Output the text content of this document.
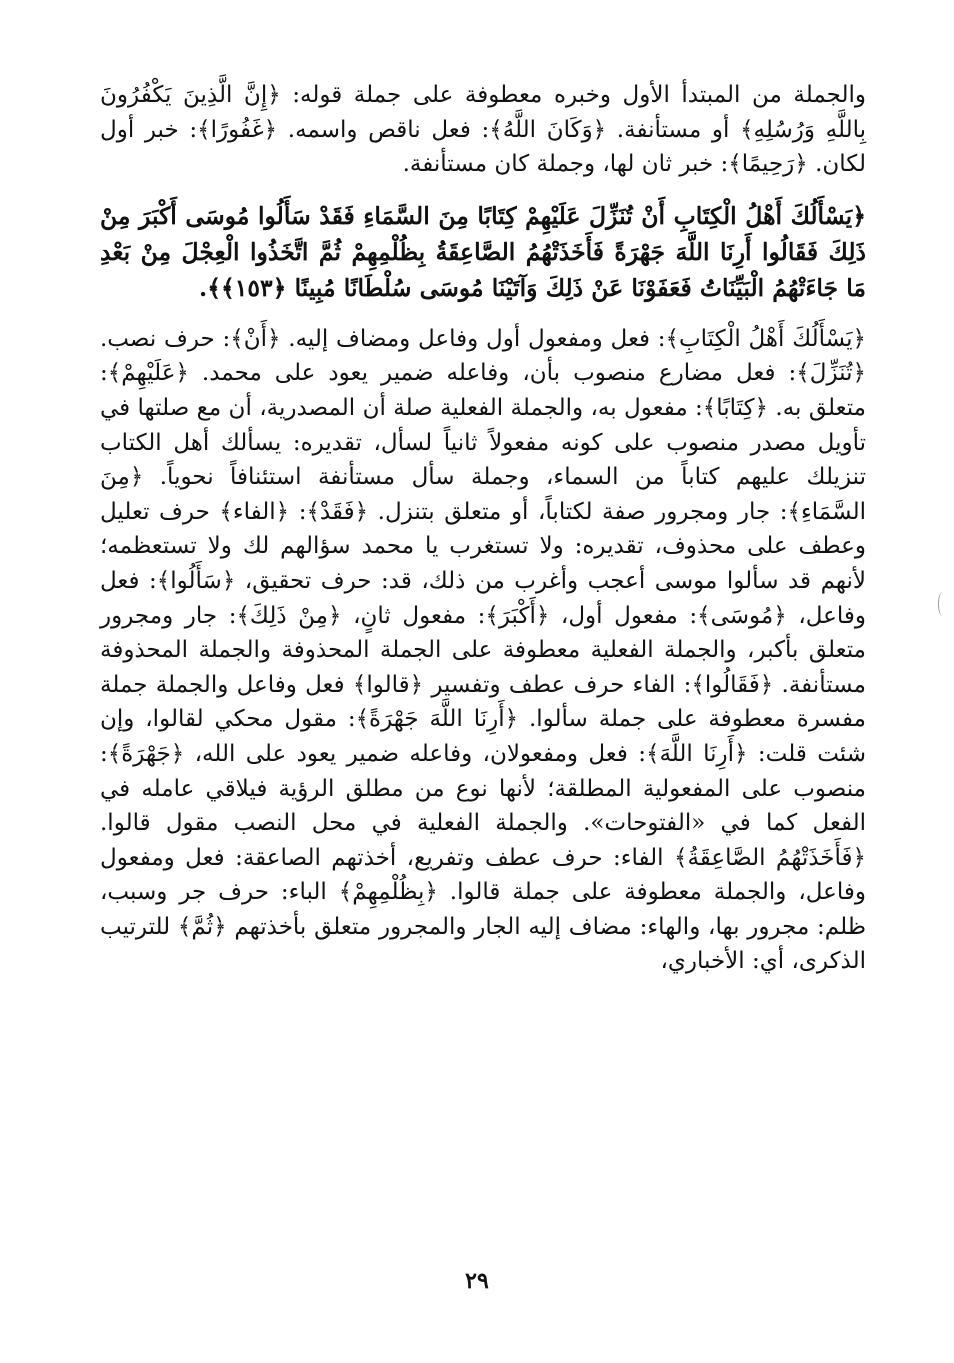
والجملة من المبتدأ الأول وخبره معطوفة على جملة قوله: ﴿إِنَّ الَّذِينَ يَكْفُرُونَ بِاللَّهِ وَرُسُلِهِ﴾ أو مستأنفة. ﴿وَكَانَ اللَّهُ﴾: فعل ناقص واسمه. ﴿غَفُورًا﴾: خبر أول لكان. ﴿رَحِيمًا﴾: خبر ثان لها، وجملة كان مستأنفة.

﴿يَسْأَلُكَ أَهْلُ الْكِتَابِ أَنْ تُنَزِّلَ عَلَيْهِمْ كِتَابًا مِنَ السَّمَاءِ فَقَدْ سَأَلُوا مُوسَى أَكْبَرَ مِنْ ذَلِكَ فَقَالُوا أَرِنَا اللَّهَ جَهْرَةً فَأَخَذَتْهُمُ الصَّاعِقَةُ بِظُلْمِهِمْ ثُمَّ اتَّخَذُوا الْعِجْلَ مِنْ بَعْدِ مَا جَاءَتْهُمُ الْبَيِّنَاتُ فَعَفَوْنَا عَنْ ذَلِكَ وَآتَيْنَا مُوسَى سُلْطَانًا مُبِينًا ﴿١٥٣﴾﴾.

﴿يَسْأَلُكَ أَهْلُ الْكِتَابِ﴾: فعل ومفعول أول وفاعل ومضاف إليه. ﴿أَنْ﴾: حرف نصب. ﴿تُنَزِّلَ﴾: فعل مضارع منصوب بأن، وفاعله ضمير يعود على محمد. ﴿عَلَيْهِمْ﴾: متعلق به. ﴿كِتَابًا﴾: مفعول به، والجملة الفعلية صلة أن المصدرية، أن مع صلتها في تأويل مصدر منصوب على كونه مفعولاً ثانياً لسأل، تقديره: يسألك أهل الكتاب تنزيلك عليهم كتاباً من السماء، وجملة سأل مستأنفة استئنافاً نحوياً. ﴿مِنَ السَّمَاءِ﴾: جار ومجرور صفة لكتاباً، أو متعلق بتنزل. ﴿فَقَدْ﴾: ﴿الفاء﴾ حرف تعليل وعطف على محذوف، تقديره: ولا تستغرب يا محمد سؤالهم لك ولا تستعظمه؛ لأنهم قد سألوا موسى أعجب وأغرب من ذلك، قد: حرف تحقيق، ﴿سَأَلُوا﴾: فعل وفاعل، ﴿مُوسَى﴾: مفعول أول، ﴿أَكْبَرَ﴾: مفعول ثانٍ، ﴿مِنْ ذَلِكَ﴾: جار ومجرور متعلق بأكبر، والجملة الفعلية معطوفة على الجملة المحذوفة والجملة المحذوفة مستأنفة. ﴿فَقَالُوا﴾: الفاء حرف عطف وتفسير ﴿قالوا﴾ فعل وفاعل والجملة جملة مفسرة معطوفة على جملة سألوا. ﴿أَرِنَا اللَّهَ جَهْرَةً﴾: مقول محكي لقالوا، وإن شئت قلت: ﴿أَرِنَا اللَّهَ﴾: فعل ومفعولان، وفاعله ضمير يعود على الله، ﴿جَهْرَةً﴾: منصوب على المفعولية المطلقة؛ لأنها نوع من مطلق الرؤية فيلاقي عامله في الفعل كما في «الفتوحات». والجملة الفعلية في محل النصب مقول قالوا. ﴿فَأَخَذَتْهُمُ الصَّاعِقَةُ﴾ الفاء: حرف عطف وتفريع، أخذتهم الصاعقة: فعل ومفعول وفاعل، والجملة معطوفة على جملة قالوا. ﴿بِظُلْمِهِمْ﴾ الباء: حرف جر وسبب، ظلم: مجرور بها، والهاء: مضاف إليه الجار والمجرور متعلق بأخذتهم ﴿ثُمَّ﴾ للترتيب الذكرى، أي: الأخباري،

٢٩
